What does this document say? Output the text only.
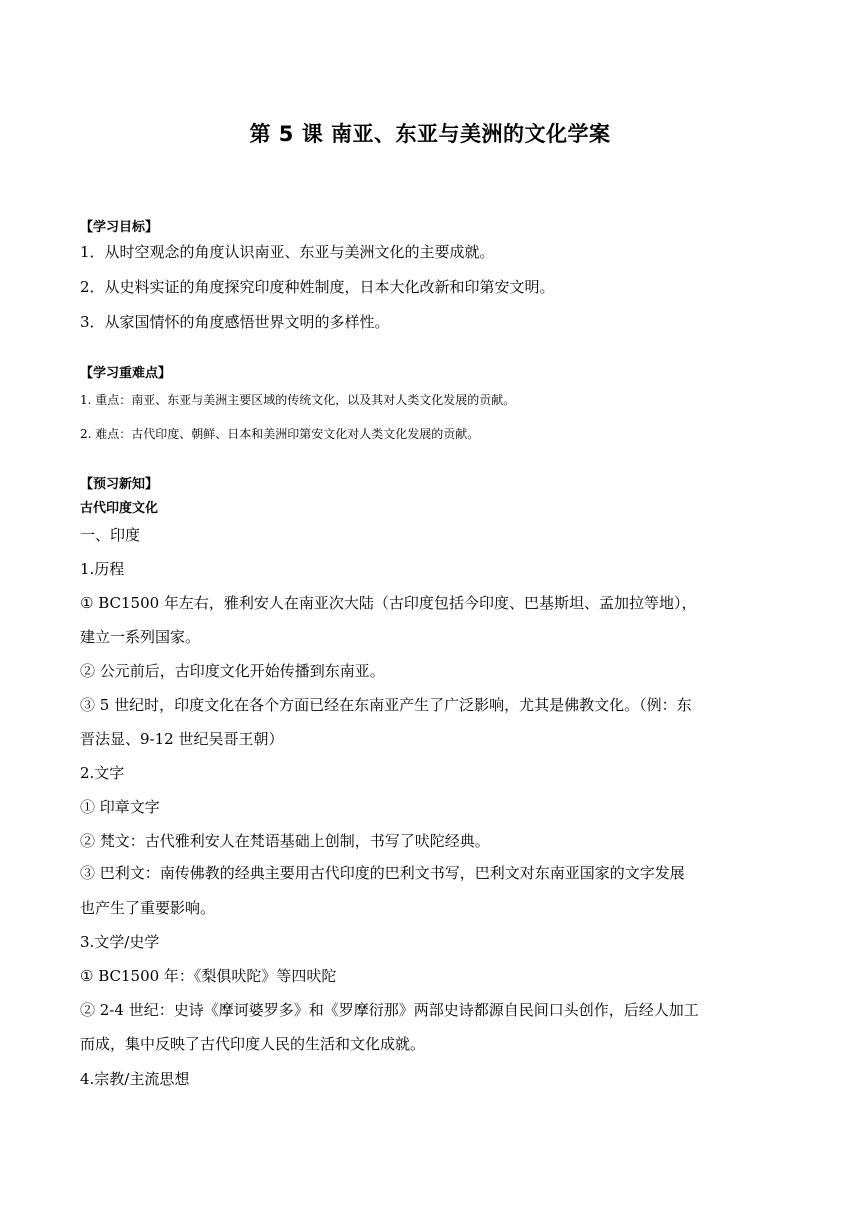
第 5 课 南亚、东亚与美洲的文化学案
【学习目标】
1．从时空观念的角度认识南亚、东亚与美洲文化的主要成就。
2．从史料实证的角度探究印度种姓制度，日本大化改新和印第安文明。
3．从家国情怀的角度感悟世界文明的多样性。
【学习重难点】
1. 重点：南亚、东亚与美洲主要区域的传统文化，以及其对人类文化发展的贡献。
2. 难点：古代印度、朝鲜、日本和美洲印第安文化对人类文化发展的贡献。
【预习新知】
古代印度文化
一、印度
1.历程
① BC1500 年左右，雅利安人在南亚次大陆（古印度包括今印度、巴基斯坦、孟加拉等地），
建立一系列国家。
② 公元前后，古印度文化开始传播到东南亚。
③ 5 世纪时，印度文化在各个方面已经在东南亚产生了广泛影响，尤其是佛教文化。（例：东
晋法显、9-12 世纪吴哥王朝）
2.文字
① 印章文字
② 梵文：古代雅利安人在梵语基础上创制，书写了吠陀经典。
③ 巴利文：南传佛教的经典主要用古代印度的巴利文书写，巴利文对东南亚国家的文字发展
也产生了重要影响。
3.文学/史学
① BC1500 年：《梨俱吠陀》等四吠陀
② 2-4 世纪：史诗《摩诃婆罗多》和《罗摩衍那》两部史诗都源自民间口头创作，后经人加工
而成，集中反映了古代印度人民的生活和文化成就。
4.宗教/主流思想
